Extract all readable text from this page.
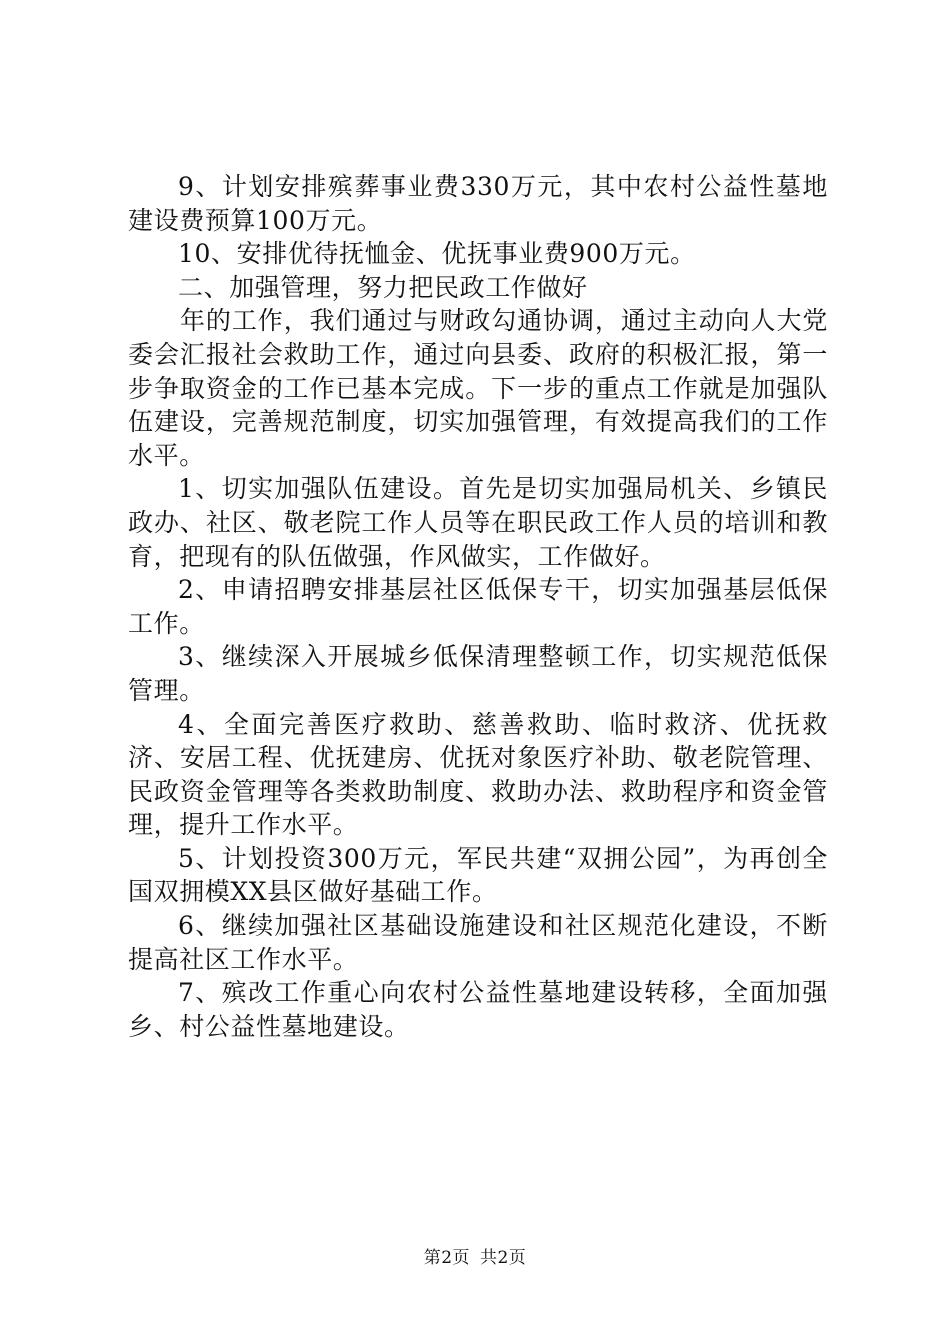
9、计划安排殡葬事业费330万元，其中农村公益性墓地建设费预算100万元。

10、安排优待抚恤金、优抚事业费900万元。

二、加强管理，努力把民政工作做好

年的工作，我们通过与财政勾通协调，通过主动向人大党委会汇报社会救助工作，通过向县委、政府的积极汇报，第一步争取资金的工作已基本完成。下一步的重点工作就是加强队伍建设，完善规范制度，切实加强管理，有效提高我们的工作水平。

1、切实加强队伍建设。首先是切实加强局机关、乡镇民政办、社区、敬老院工作人员等在职民政工作人员的培训和教育，把现有的队伍做强，作风做实，工作做好。

2、申请招聘安排基层社区低保专干，切实加强基层低保工作。

3、继续深入开展城乡低保清理整顿工作，切实规范低保管理。

4、全面完善医疗救助、慈善救助、临时救济、优抚救济、安居工程、优抚建房、优抚对象医疗补助、敬老院管理、民政资金管理等各类救助制度、救助办法、救助程序和资金管理，提升工作水平。

5、计划投资300万元，军民共建“双拥公园”，为再创全国双拥模XX县区做好基础工作。

6、继续加强社区基础设施建设和社区规范化建设，不断提高社区工作水平。

7、殡改工作重心向农村公益性墓地建设转移，全面加强乡、村公益性墓地建设。

第2页 共2页
